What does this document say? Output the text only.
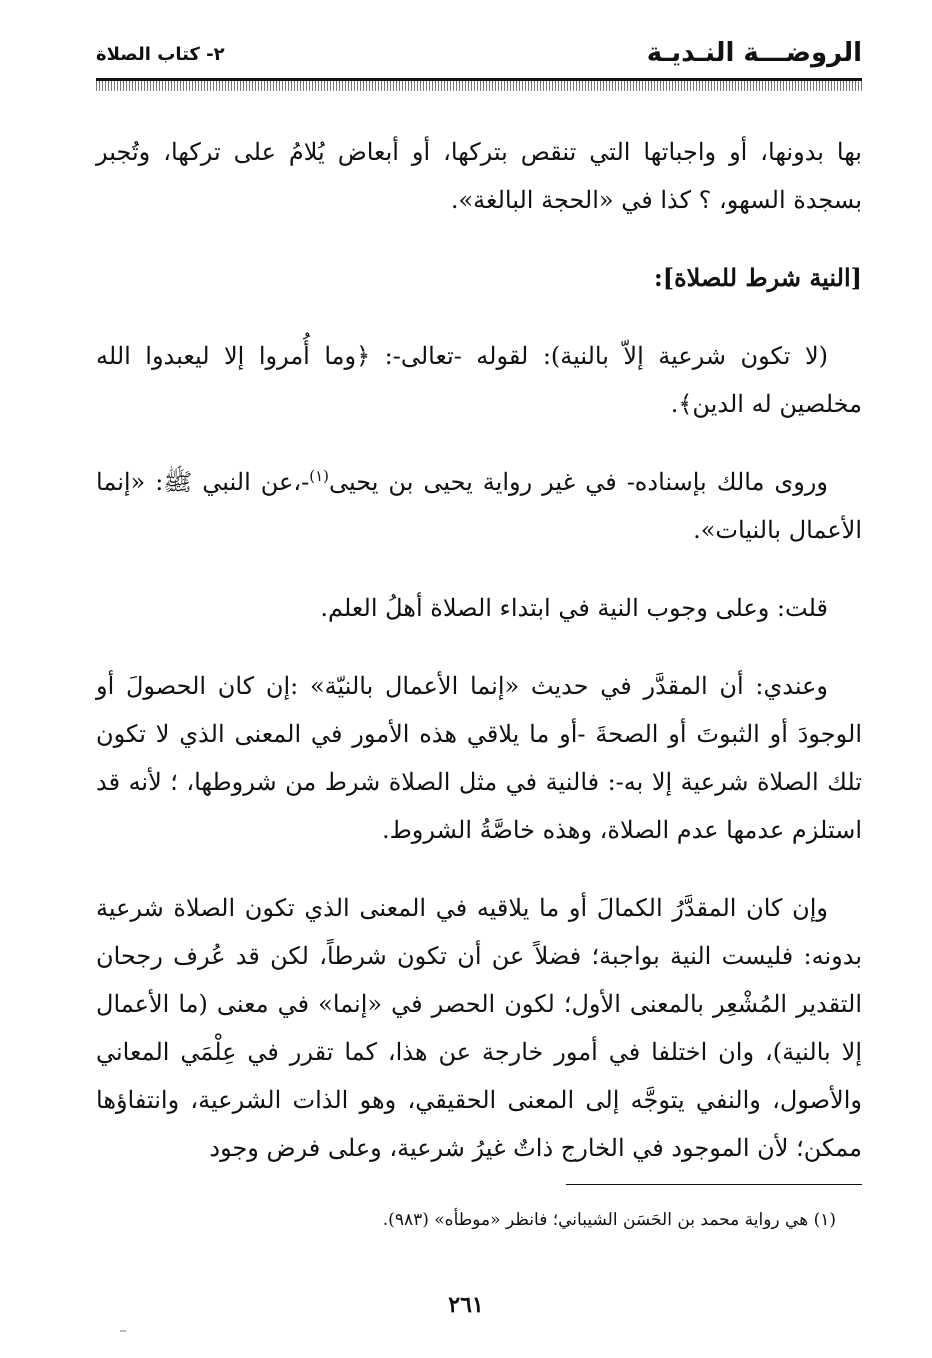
الروضـــة النـديـة
٢- كتاب الصلاة

بها بدونها، أو واجباتها التي تنقص بتركها، أو أبعاض يُلامُ على تركها، وتُجبر بسجدة السهو، ؟ كذا في «الحجة البالغة».

[النية شرط للصلاة]:

(لا تكون شرعية إلاّ بالنية): لقوله -تعالى-: ﴿وما أُمروا إلا ليعبدوا الله مخلصين له الدين﴾.

وروى مالك بإسناده- في غير رواية يحيى بن يحيى$^{(١)}$-،عن النبي ﷺ: «إنما الأعمال بالنيات».

قلت: وعلى وجوب النية في ابتداء الصلاة أهلُ العلم.

وعندي: أن المقدَّر في حديث «إنما الأعمال بالنيّة» :إن كان الحصولَ أو الوجودَ أو الثبوتَ أو الصحةَ -أو ما يلاقي هذه الأمور في المعنى الذي لا تكون تلك الصلاة شرعية إلا به-: فالنية في مثل الصلاة شرط من شروطها، ؛ لأنه قد استلزم عدمها عدم الصلاة، وهذه خاصَّةُ الشروط.

وإن كان المقدَّرُ الكمالَ أو ما يلاقيه في المعنى الذي تكون الصلاة شرعية بدونه: فليست النية بواجبة؛ فضلاً عن أن تكون شرطاً، لكن قد عُرف رجحان التقدير المُشْعِر بالمعنى الأول؛ لكون الحصر في «إنما» في معنى (ما الأعمال إلا بالنية)، وان اختلفا في أمور خارجة عن هذا، كما تقرر في عِلْمَي المعاني والأصول، والنفي يتوجَّه إلى المعنى الحقيقي، وهو الذات الشرعية، وانتفاؤها ممكن؛ لأن الموجود في الخارج ذاتٌ غيرُ شرعية، وعلى فرض وجود

(١) هي رواية محمد بن الحَسَن الشيباني؛ فانظر «موطأه» (٩٨٣).
٢٦١
